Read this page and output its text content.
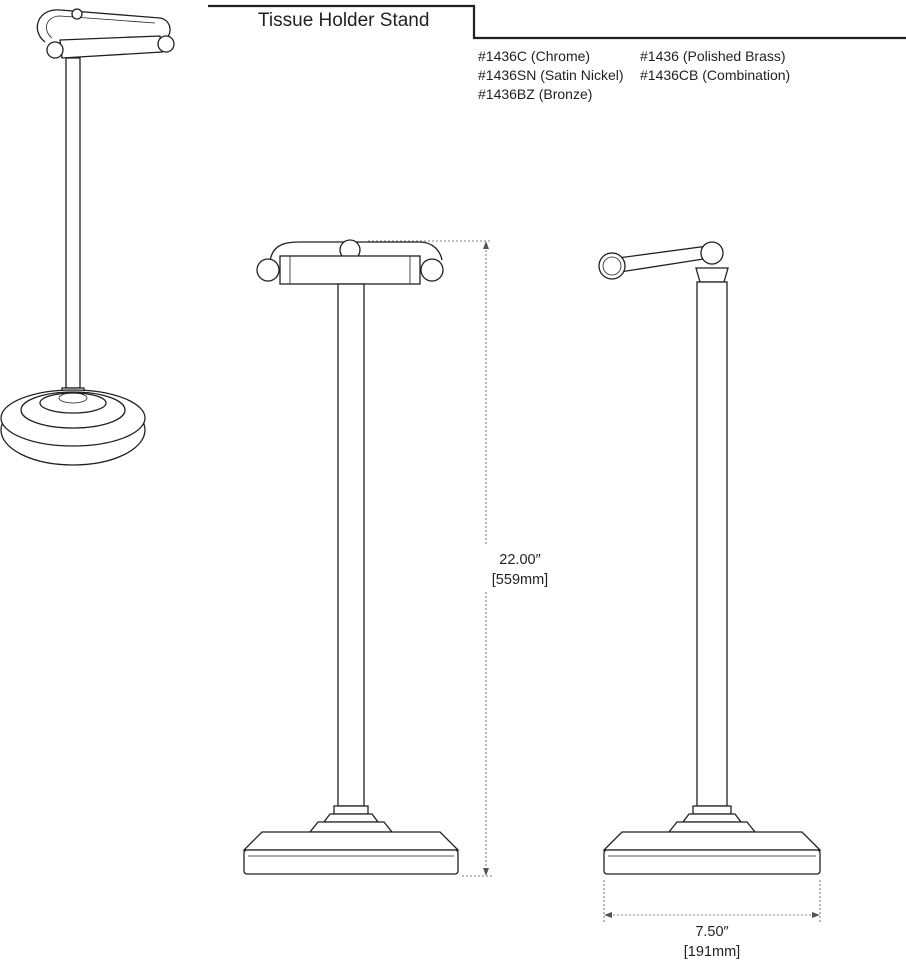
Tissue Holder Stand
#1436C (Chrome)
#1436SN (Satin Nickel)
#1436BZ (Bronze)
#1436 (Polished Brass)
#1436CB (Combination)
22.00″
[559mm]
7.50″
[191mm]
